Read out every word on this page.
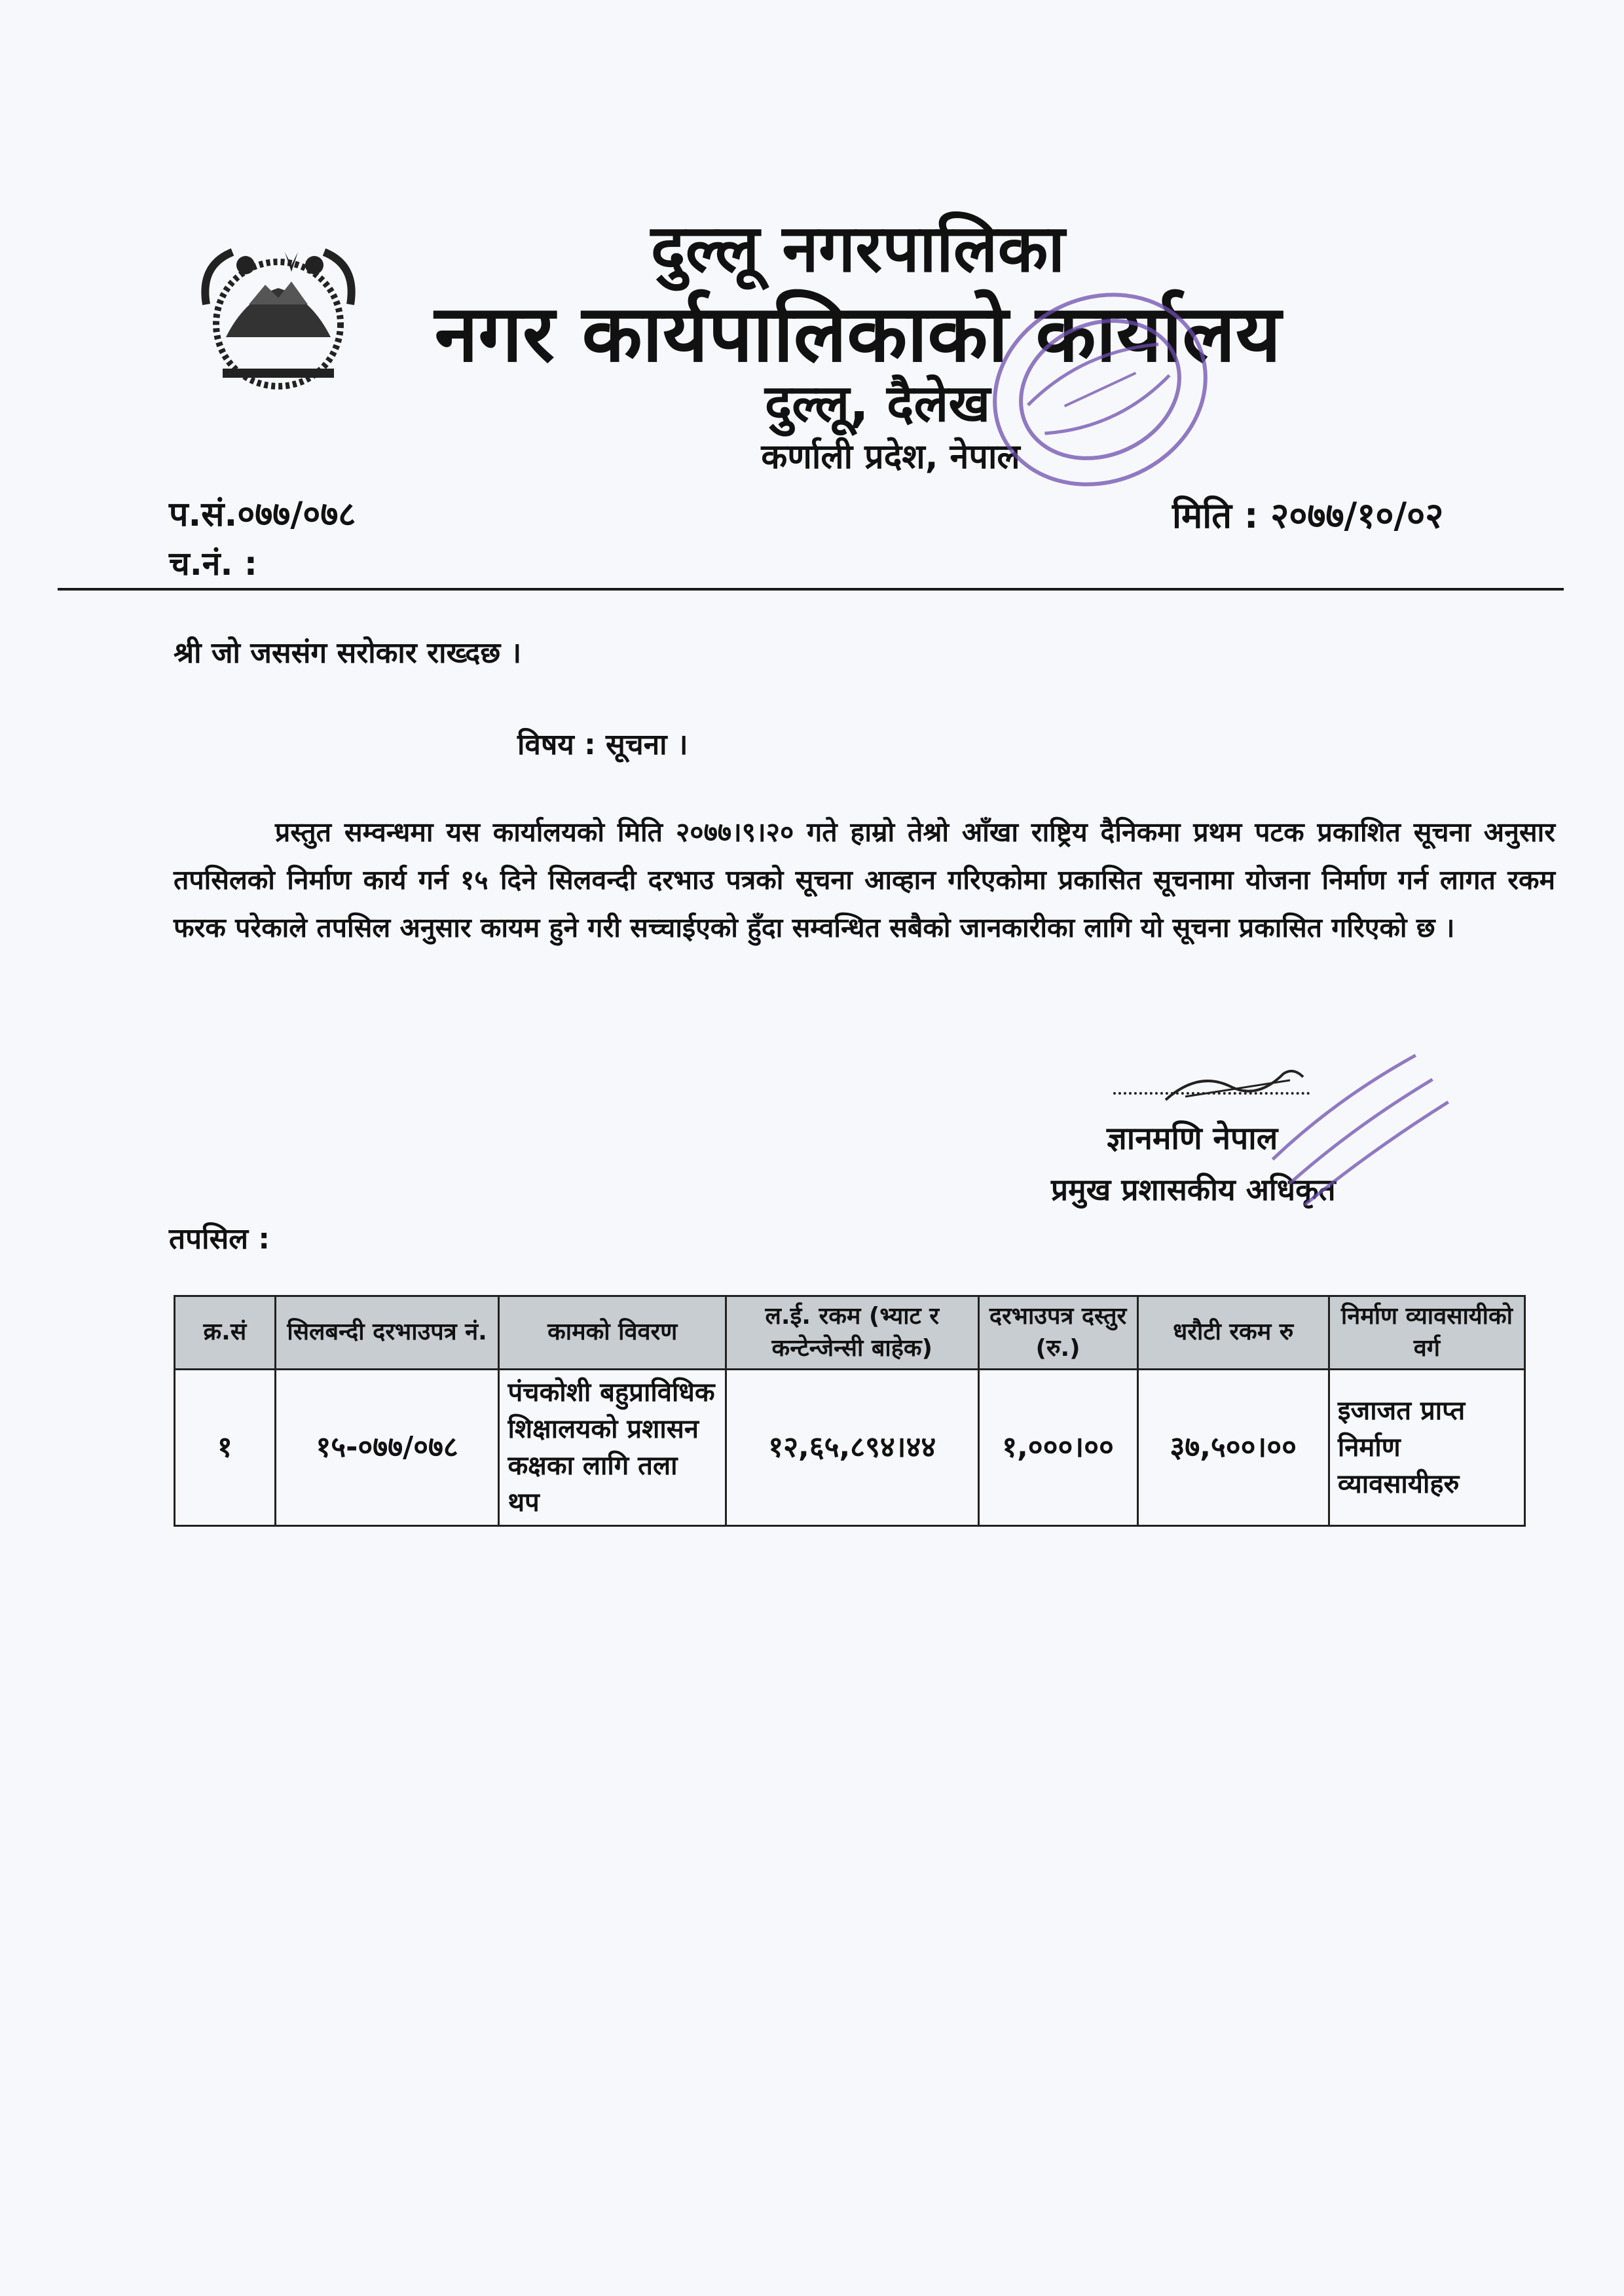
दुल्लू नगरपालिका
नगर कार्यपालिकाको कार्यालय
दुल्लू, दैलेख
कर्णाली प्रदेश, नेपाल
प.सं.०७७/०७८
च.नं. :
मिति : २०७७/१०/०२
श्री जो जससंग सरोकार राख्दछ ।
विषय : सूचना ।
प्रस्तुत सम्वन्धमा यस कार्यालयको मिति २०७७।९।२० गते हाम्रो तेश्रो आँखा राष्ट्रिय दैनिकमा प्रथम पटक प्रकाशित सूचना अनुसार तपसिलको निर्माण कार्य गर्न १५ दिने सिलवन्दी दरभाउ पत्रको सूचना आव्हान गरिएकोमा प्रकासित सूचनामा योजना निर्माण गर्न लागत रकम फरक परेकाले तपसिल अनुसार कायम हुने गरी सच्चाईएको हुँदा सम्वन्धित सबैको जानकारीका लागि यो सूचना प्रकासित गरिएको छ ।
ज्ञानमणि नेपाल
प्रमुख प्रशासकीय अधिकृत
तपसिल :
क्र.सं	सिलबन्दी दरभाउपत्र नं.	कामको विवरण	ल.ई. रकम (भ्याट र कन्टेन्जेन्सी बाहेक)	दरभाउपत्र दस्तुर (रु.)	धरौटी रकम रु	निर्माण व्यावसायीको वर्ग
१	१५-०७७/०७८	पंचकोशी बहुप्राविधिक शिक्षालयको प्रशासन कक्षका लागि तला थप	१२,६५,८९४।४४	१,०००।००	३७,५००।००	इजाजत प्राप्त निर्माण व्यावसायीहरु
